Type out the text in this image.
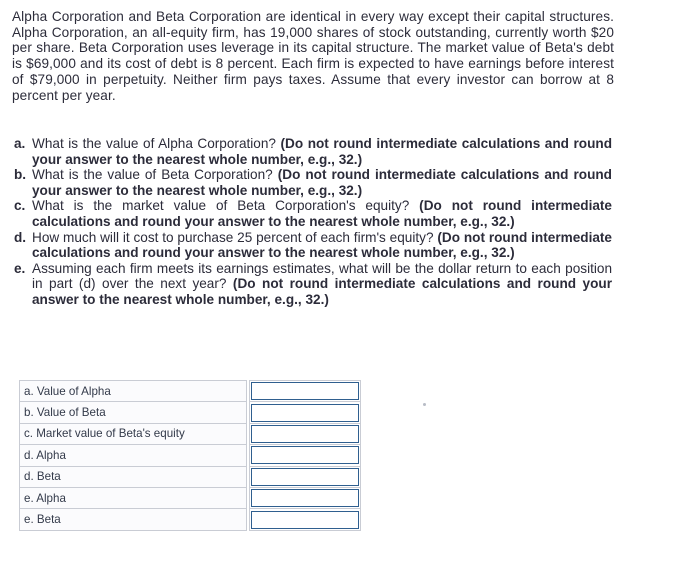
Alpha Corporation and Beta Corporation are identical in every way except their capital structures. Alpha Corporation, an all-equity firm, has 19,000 shares of stock outstanding, currently worth $20 per share. Beta Corporation uses leverage in its capital structure. The market value of Beta's debt is $69,000 and its cost of debt is 8 percent. Each firm is expected to have earnings before interest of $79,000 in perpetuity. Neither firm pays taxes. Assume that every investor can borrow at 8 percent per year.

a. What is the value of Alpha Corporation? (Do not round intermediate calculations and round your answer to the nearest whole number, e.g., 32.)
b. What is the value of Beta Corporation? (Do not round intermediate calculations and round your answer to the nearest whole number, e.g., 32.)
c. What is the market value of Beta Corporation's equity? (Do not round intermediate calculations and round your answer to the nearest whole number, e.g., 32.)
d. How much will it cost to purchase 25 percent of each firm's equity? (Do not round intermediate calculations and round your answer to the nearest whole number, e.g., 32.)
e. Assuming each firm meets its earnings estimates, what will be the dollar return to each position in part (d) over the next year? (Do not round intermediate calculations and round your answer to the nearest whole number, e.g., 32.)
a. Value of Alpha		

b. Value of Beta		

c. Market value of Beta's equity		

d. Alpha		

d. Beta		

e. Alpha		

e. Beta		
